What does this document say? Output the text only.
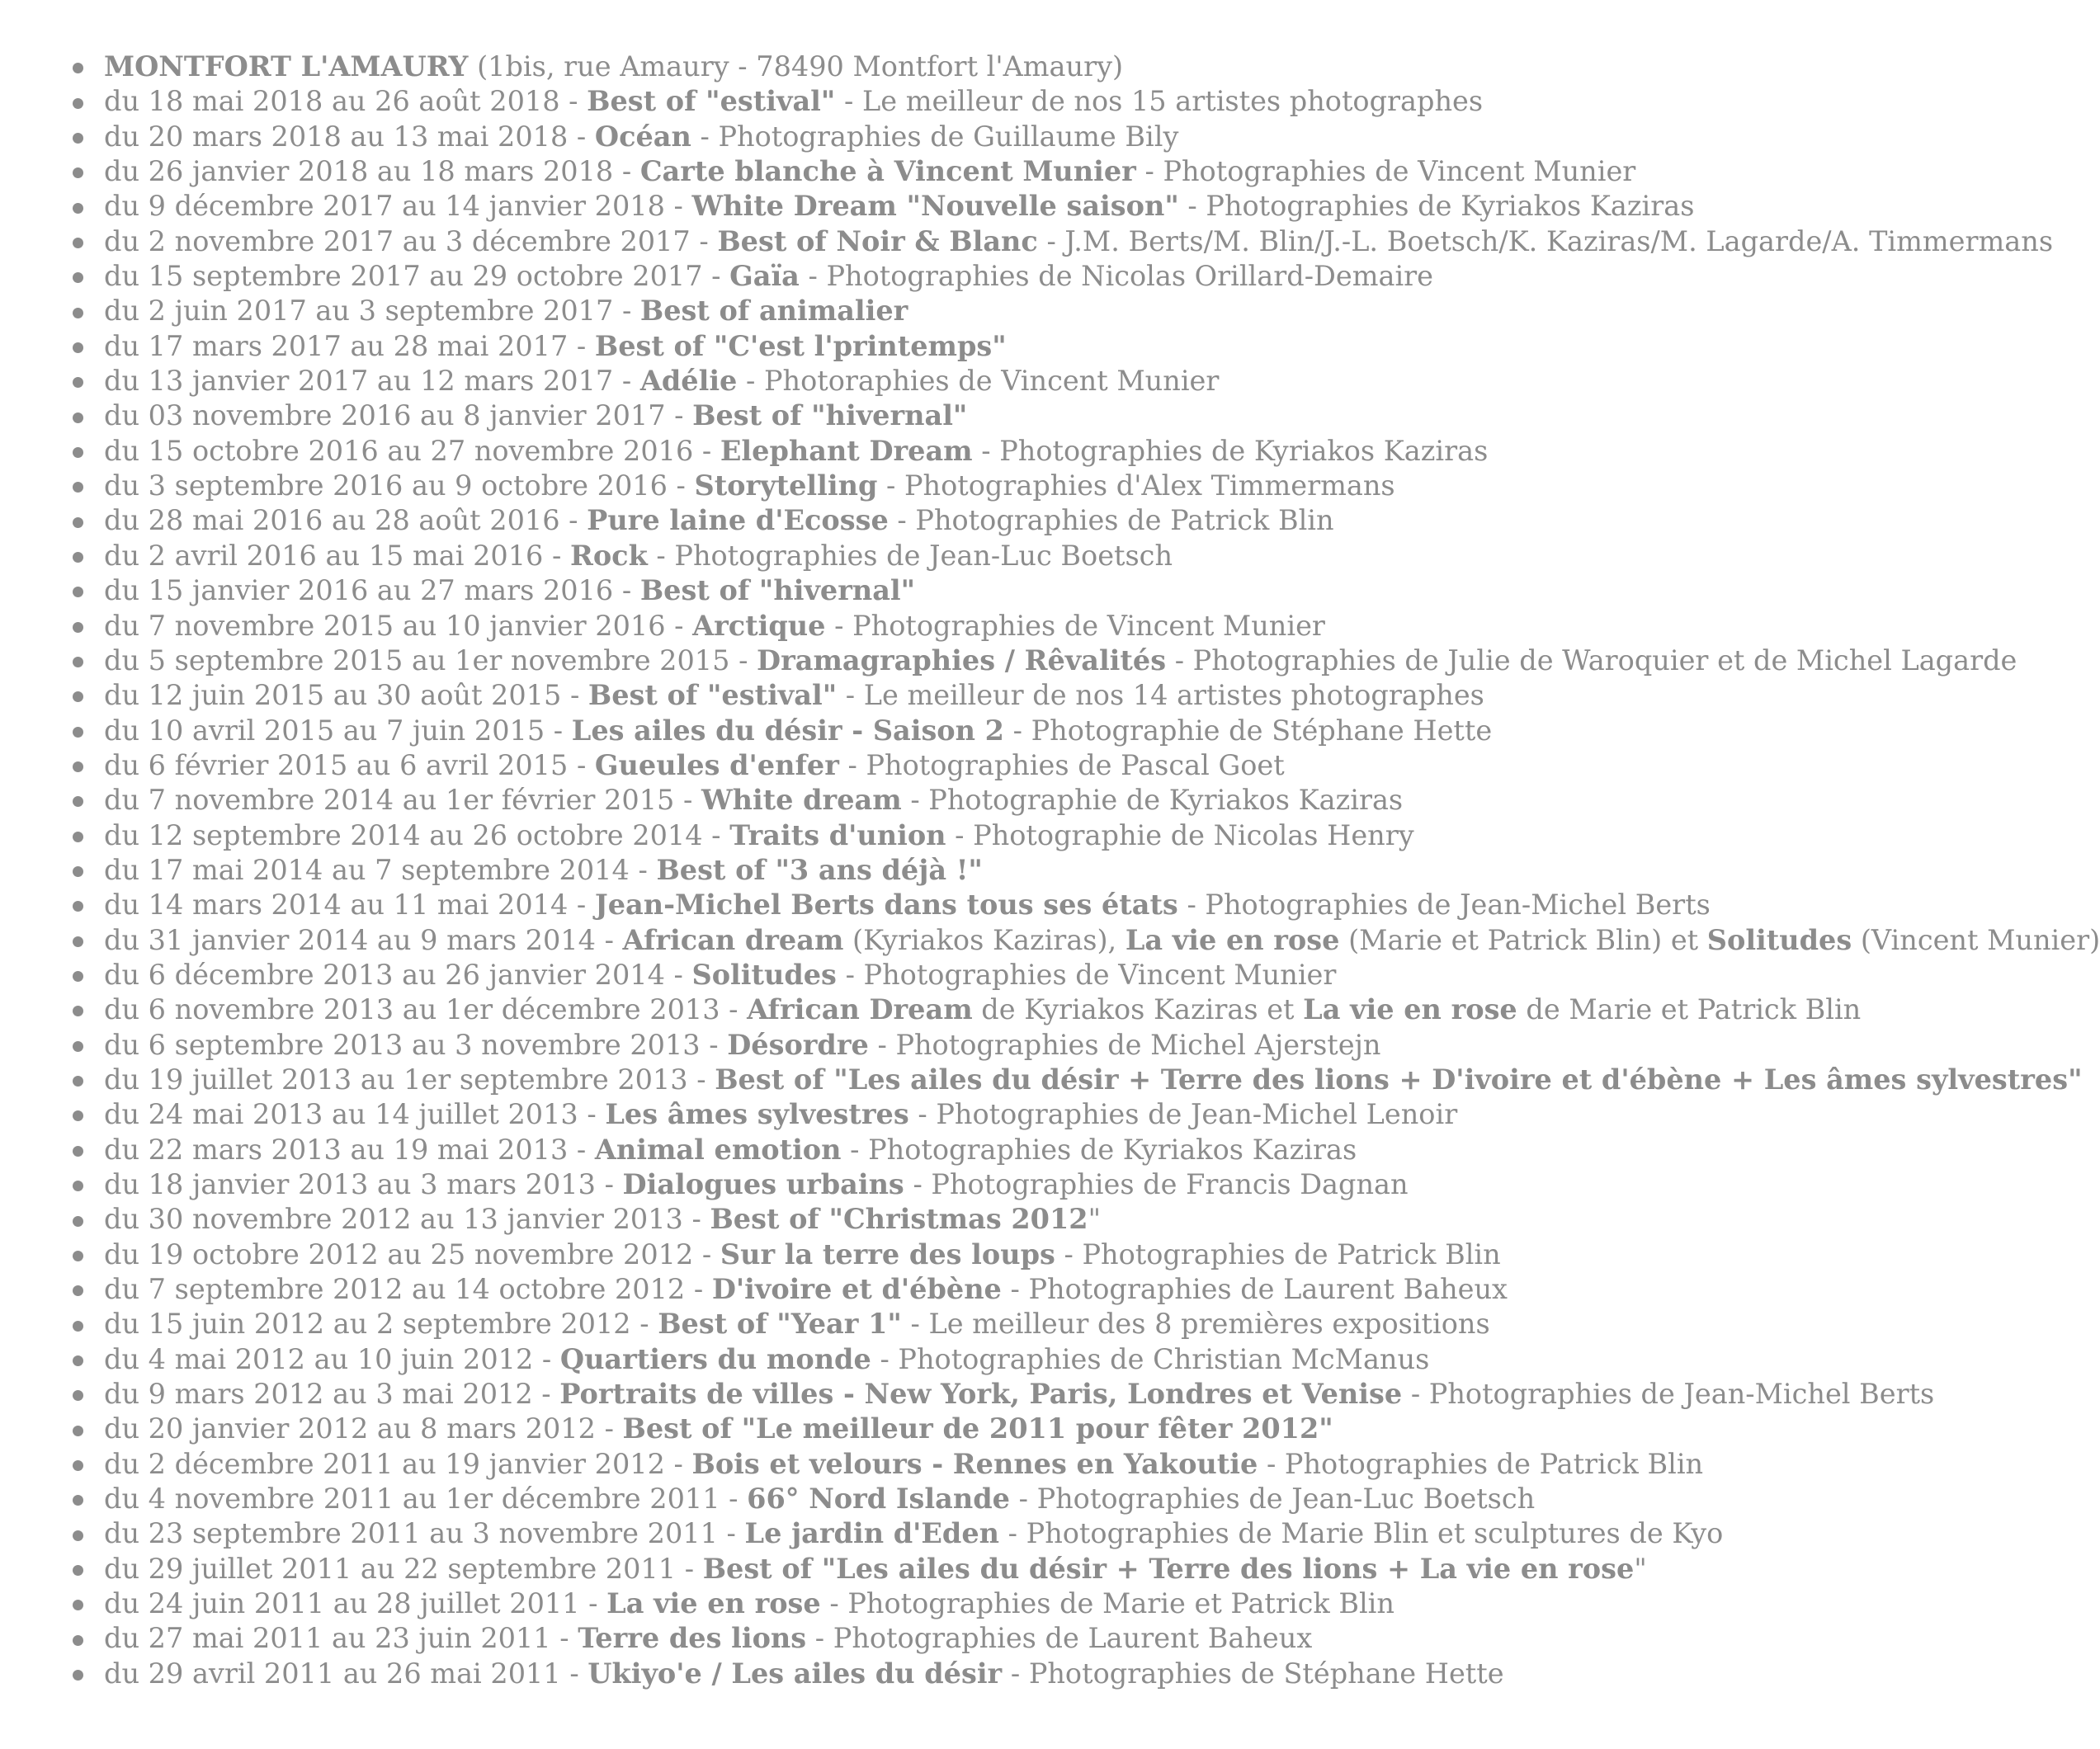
MONTFORT L'AMAURY (1bis, rue Amaury - 78490 Montfort l'Amaury)
du 18 mai 2018 au 26 août 2018 - Best of "estival" - Le meilleur de nos 15 artistes photographes
du 20 mars 2018 au 13 mai 2018 - Océan - Photographies de Guillaume Bily
du 26 janvier 2018 au 18 mars 2018 - Carte blanche à Vincent Munier - Photographies de Vincent Munier
du 9 décembre 2017 au 14 janvier 2018 - White Dream "Nouvelle saison" - Photographies de Kyriakos Kaziras
du 2 novembre 2017 au 3 décembre 2017 - Best of Noir & Blanc - J.M. Berts/M. Blin/J.-L. Boetsch/K. Kaziras/M. Lagarde/A. Timmermans
du 15 septembre 2017 au 29 octobre 2017 - Gaïa - Photographies de Nicolas Orillard-Demaire
du 2 juin 2017 au 3 septembre 2017 - Best of animalier
du 17 mars 2017 au 28 mai 2017 - Best of "C'est l'printemps"
du 13 janvier 2017 au 12 mars 2017 - Adélie - Photoraphies de Vincent Munier
du 03 novembre 2016 au 8 janvier 2017 - Best of "hivernal"
du 15 octobre 2016 au 27 novembre 2016 - Elephant Dream - Photographies de Kyriakos Kaziras
du 3 septembre 2016 au 9 octobre 2016 - Storytelling - Photographies d'Alex Timmermans
du 28 mai 2016 au 28 août 2016 - Pure laine d'Ecosse - Photographies de Patrick Blin
du 2 avril 2016 au 15 mai 2016 - Rock - Photographies de Jean-Luc Boetsch
du 15 janvier 2016 au 27 mars 2016 - Best of "hivernal"
du 7 novembre 2015 au 10 janvier 2016 - Arctique - Photographies de Vincent Munier
du 5 septembre 2015 au 1er novembre 2015 - Dramagraphies / Rêvalités - Photographies de Julie de Waroquier et de Michel Lagarde
du 12 juin 2015 au 30 août 2015 - Best of "estival" - Le meilleur de nos 14 artistes photographes
du 10 avril 2015 au 7 juin 2015 - Les ailes du désir - Saison 2 - Photographie de Stéphane Hette
du 6 février 2015 au 6 avril 2015 - Gueules d'enfer - Photographies de Pascal Goet
du 7 novembre 2014 au 1er février 2015 - White dream - Photographie de Kyriakos Kaziras
du 12 septembre 2014 au 26 octobre 2014 - Traits d'union - Photographie de Nicolas Henry
du 17 mai 2014 au 7 septembre 2014 - Best of "3 ans déjà !"
du 14 mars 2014 au 11 mai 2014 - Jean-Michel Berts dans tous ses états - Photographies de Jean-Michel Berts
du 31 janvier 2014 au 9 mars 2014 - African dream (Kyriakos Kaziras), La vie en rose (Marie et Patrick Blin) et Solitudes (Vincent Munier)
du 6 décembre 2013 au 26 janvier 2014 - Solitudes - Photographies de Vincent Munier
du 6 novembre 2013 au 1er décembre 2013 - African Dream de Kyriakos Kaziras et La vie en rose de Marie et Patrick Blin
du 6 septembre 2013 au 3 novembre 2013 - Désordre - Photographies de Michel Ajerstejn
du 19 juillet 2013 au 1er septembre 2013 - Best of "Les ailes du désir + Terre des lions + D'ivoire et d'ébène + Les âmes sylvestres"
du 24 mai 2013 au 14 juillet 2013 - Les âmes sylvestres - Photographies de Jean-Michel Lenoir
du 22 mars 2013 au 19 mai 2013 - Animal emotion - Photographies de Kyriakos Kaziras
du 18 janvier 2013 au 3 mars 2013 - Dialogues urbains - Photographies de Francis Dagnan
du 30 novembre 2012 au 13 janvier 2013 - Best of "Christmas 2012"
du 19 octobre 2012 au 25 novembre 2012 - Sur la terre des loups - Photographies de Patrick Blin
du 7 septembre 2012 au 14 octobre 2012 - D'ivoire et d'ébène - Photographies de Laurent Baheux
du 15 juin 2012 au 2 septembre 2012 - Best of "Year 1" - Le meilleur des 8 premières expositions
du 4 mai 2012 au 10 juin 2012 - Quartiers du monde - Photographies de Christian McManus
du 9 mars 2012 au 3 mai 2012 - Portraits de villes - New York, Paris, Londres et Venise - Photographies de Jean-Michel Berts
du 20 janvier 2012 au 8 mars 2012 - Best of "Le meilleur de 2011 pour fêter 2012"
du 2 décembre 2011 au 19 janvier 2012 - Bois et velours - Rennes en Yakoutie - Photographies de Patrick Blin
du 4 novembre 2011 au 1er décembre 2011 - 66° Nord Islande - Photographies de Jean-Luc Boetsch
du 23 septembre 2011 au 3 novembre 2011 - Le jardin d'Eden - Photographies de Marie Blin et sculptures de Kyo
du 29 juillet 2011 au 22 septembre 2011 - Best of "Les ailes du désir + Terre des lions + La vie en rose"
du 24 juin 2011 au 28 juillet 2011 - La vie en rose - Photographies de Marie et Patrick Blin
du 27 mai 2011 au 23 juin 2011 - Terre des lions - Photographies de Laurent Baheux
du 29 avril 2011 au 26 mai 2011 - Ukiyo'e / Les ailes du désir - Photographies de Stéphane Hette
